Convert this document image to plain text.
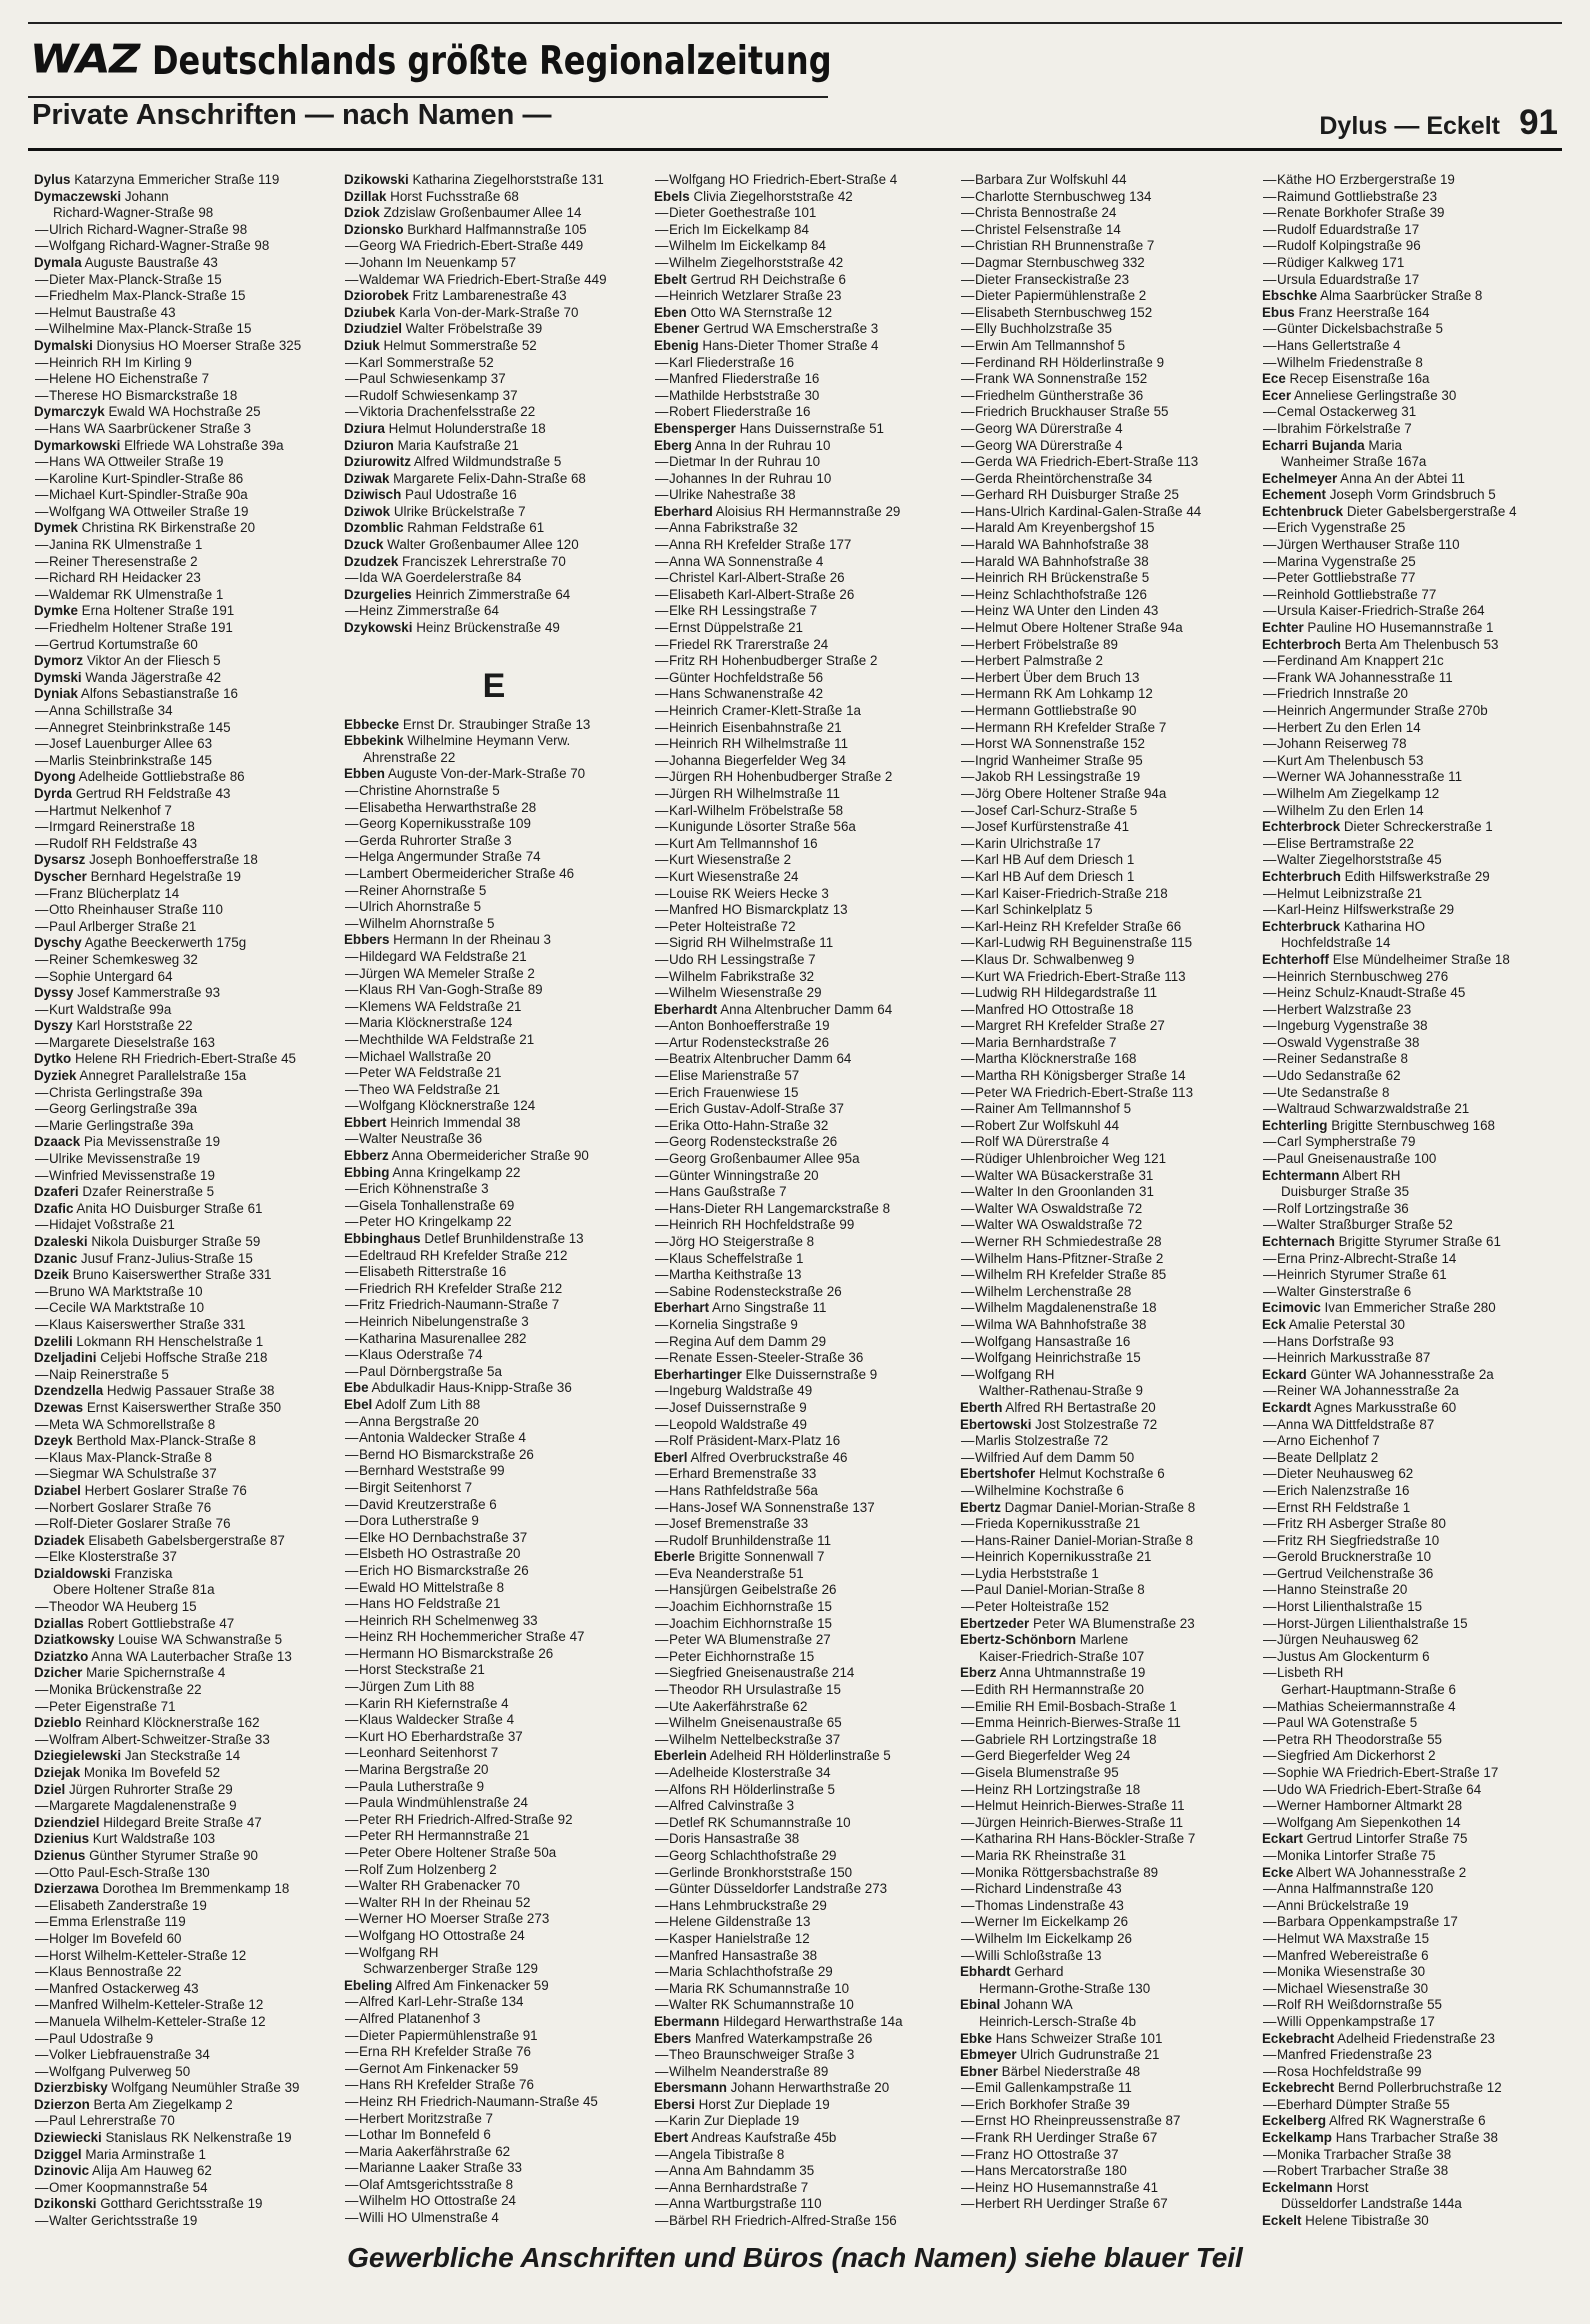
WAZ Deutschlands größte Regionalzeitung
Private Anschriften — nach Namen —	Dylus — Eckelt 91
Dylus Katarzyna Emmericher Straße 119
Dymaczewski Johann
Richard-Wagner-Straße 98
—Ulrich Richard-Wagner-Straße 98
—Wolfgang Richard-Wagner-Straße 98
Dymala Auguste Baustraße 43
—Dieter Max-Planck-Straße 15
—Friedhelm Max-Planck-Straße 15
—Helmut Baustraße 43
—Wilhelmine Max-Planck-Straße 15
Dymalski Dionysius HO Moerser Straße 325
—Heinrich RH Im Kirling 9
—Helene HO Eichenstraße 7
—Therese HO Bismarckstraße 18
Dymarczyk Ewald WA Hochstraße 25
—Hans WA Saarbrückener Straße 3
Dymarkowski Elfriede WA Lohstraße 39a
—Hans WA Ottweiler Straße 19
—Karoline Kurt-Spindler-Straße 86
—Michael Kurt-Spindler-Straße 90a
—Wolfgang WA Ottweiler Straße 19
Dymek Christina RK Birkenstraße 20
—Janina RK Ulmenstraße 1
—Reiner Theresenstraße 2
—Richard RH Heidacker 23
—Waldemar RK Ulmenstraße 1
Dymke Erna Holtener Straße 191
—Friedhelm Holtener Straße 191
—Gertrud Kortumstraße 60
Dymorz Viktor An der Fliesch 5
Dymski Wanda Jägerstraße 42
Dyniak Alfons Sebastianstraße 16
—Anna Schillstraße 34
—Annegret Steinbrinkstraße 145
—Josef Lauenburger Allee 63
—Marlis Steinbrinkstraße 145
Dyong Adelheide Gottliebstraße 86
Dyrda Gertrud RH Feldstraße 43
—Hartmut Nelkenhof 7
—Irmgard Reinerstraße 18
—Rudolf RH Feldstraße 43
Dysarsz Joseph Bonhoefferstraße 18
Dyscher Bernhard Hegelstraße 19
—Franz Blücherplatz 14
—Otto Rheinhauser Straße 110
—Paul Arlberger Straße 21
Dyschy Agathe Beeckerwerth 175g
—Reiner Schemkesweg 32
—Sophie Untergard 64
Dyssy Josef Kammerstraße 93
—Kurt Waldstraße 99a
Dyszy Karl Horststraße 22
—Margarete Dieselstraße 163
Dytko Helene RH Friedrich-Ebert-Straße 45
Dyziek Annegret Parallelstraße 15a
—Christa Gerlingstraße 39a
—Georg Gerlingstraße 39a
—Marie Gerlingstraße 39a
Dzaack Pia Mevissenstraße 19
—Ulrike Mevissenstraße 19
—Winfried Mevissenstraße 19
Dzaferi Dzafer Reinerstraße 5
Dzafic Anita HO Duisburger Straße 61
—Hidajet Voßstraße 21
Dzaleski Nikola Duisburger Straße 59
Dzanic Jusuf Franz-Julius-Straße 15
Dzeik Bruno Kaiserswerther Straße 331
—Bruno WA Marktstraße 10
—Cecile WA Marktstraße 10
—Klaus Kaiserswerther Straße 331
Dzelili Lokmann RH Henschelstraße 1
Dzeljadini Celjebi Hoffsche Straße 218
—Naip Reinerstraße 5
Dzendzella Hedwig Passauer Straße 38
Dzewas Ernst Kaiserswerther Straße 350
—Meta WA Schmorellstraße 8
Dzeyk Berthold Max-Planck-Straße 8
—Klaus Max-Planck-Straße 8
—Siegmar WA Schulstraße 37
Dziabel Herbert Goslarer Straße 76
—Norbert Goslarer Straße 76
—Rolf-Dieter Goslarer Straße 76
Dziadek Elisabeth Gabelsbergerstraße 87
—Elke Klosterstraße 37
Dzialdowski Franziska
Obere Holtener Straße 81a
—Theodor WA Heuberg 15
Dziallas Robert Gottliebstraße 47
Dziatkowsky Louise WA Schwanstraße 5
Dziatzko Anna WA Lauterbacher Straße 13
Dzicher Marie Spichernstraße 4
—Monika Brückenstraße 22
—Peter Eigenstraße 71
Dzieblo Reinhard Klöcknerstraße 162
—Wolfram Albert-Schweitzer-Straße 33
Dziegielewski Jan Steckstraße 14
Dziejak Monika Im Bovefeld 52
Dziel Jürgen Ruhrorter Straße 29
—Margarete Magdalenenstraße 9
Dziendziel Hildegard Breite Straße 47
Dzienius Kurt Waldstraße 103
Dzienus Günther Styrumer Straße 90
—Otto Paul-Esch-Straße 130
Dzierzawa Dorothea Im Bremmenkamp 18
—Elisabeth Zanderstraße 19
—Emma Erlenstraße 119
—Holger Im Bovefeld 60
—Horst Wilhelm-Ketteler-Straße 12
—Klaus Bennostraße 22
—Manfred Ostackerweg 43
—Manfred Wilhelm-Ketteler-Straße 12
—Manuela Wilhelm-Ketteler-Straße 12
—Paul Udostraße 9
—Volker Liebfrauenstraße 34
—Wolfgang Pulverweg 50
Dzierzbisky Wolfgang Neumühler Straße 39
Dzierzon Berta Am Ziegelkamp 2
—Paul Lehrerstraße 70
Dziewiecki Stanislaus RK Nelkenstraße 19
Dziggel Maria Arminstraße 1
Dzinovic Alija Am Hauweg 62
—Omer Koopmannstraße 54
Dzikonski Gotthard Gerichtsstraße 19
—Walter Gerichtsstraße 19
Dzikowski Katharina Ziegelhorststraße 131
Dzillak Horst Fuchsstraße 68
Dziok Zdzislaw Großenbaumer Allee 14
Dzionsko Burkhard Halfmannstraße 105
—Georg WA Friedrich-Ebert-Straße 449
—Johann Im Neuenkamp 57
—Waldemar WA Friedrich-Ebert-Straße 449
Dziorobek Fritz Lambarenestraße 43
Dziubek Karla Von-der-Mark-Straße 70
Dziudziel Walter Fröbelstraße 39
Dziuk Helmut Sommerstraße 52
—Karl Sommerstraße 52
—Paul Schwiesenkamp 37
—Rudolf Schwiesenkamp 37
—Viktoria Drachenfelsstraße 22
Dziura Helmut Holunderstraße 18
Dziuron Maria Kaufstraße 21
Dziurowitz Alfred Wildmundstraße 5
Dziwak Margarete Felix-Dahn-Straße 68
Dziwisch Paul Udostraße 16
Dziwok Ulrike Brückelstraße 7
Dzomblic Rahman Feldstraße 61
Dzuck Walter Großenbaumer Allee 120
Dzudzek Franciszek Lehrerstraße 70
—Ida WA Goerdelerstraße 84
Dzurgelies Heinrich Zimmerstraße 64
—Heinz Zimmerstraße 64
Dzykowski Heinz Brückenstraße 49
E
Ebbecke Ernst Dr. Straubinger Straße 13
Ebbekink Wilhelmine Heymann Verw.
Ahrenstraße 22
Ebben Auguste Von-der-Mark-Straße 70
—Christine Ahornstraße 5
—Elisabetha Herwarthstraße 28
—Georg Kopernikusstraße 109
—Gerda Ruhrorter Straße 3
—Helga Angermunder Straße 74
—Lambert Obermeidericher Straße 46
—Reiner Ahornstraße 5
—Ulrich Ahornstraße 5
—Wilhelm Ahornstraße 5
Ebbers Hermann In der Rheinau 3
—Hildegard WA Feldstraße 21
—Jürgen WA Memeler Straße 2
—Klaus RH Van-Gogh-Straße 89
—Klemens WA Feldstraße 21
—Maria Klöcknerstraße 124
—Mechthilde WA Feldstraße 21
—Michael Wallstraße 20
—Peter WA Feldstraße 21
—Theo WA Feldstraße 21
—Wolfgang Klöcknerstraße 124
Ebbert Heinrich Immendal 38
—Walter Neustraße 36
Ebberz Anna Obermeidericher Straße 90
Ebbing Anna Kringelkamp 22
—Erich Köhnenstraße 3
—Gisela Tonhallenstraße 69
—Peter HO Kringelkamp 22
Ebbinghaus Detlef Brunhildenstraße 13
—Edeltraud RH Krefelder Straße 212
—Elisabeth Ritterstraße 16
—Friedrich RH Krefelder Straße 212
—Fritz Friedrich-Naumann-Straße 7
—Heinrich Nibelungenstraße 3
—Katharina Masurenallee 282
—Klaus Oderstraße 74
—Paul Dörnbergstraße 5a
Ebe Abdulkadir Haus-Knipp-Straße 36
Ebel Adolf Zum Lith 88
—Anna Bergstraße 20
—Antonia Waldecker Straße 4
—Bernd HO Bismarckstraße 26
—Bernhard Weststraße 99
—Birgit Seitenhorst 7
—David Kreutzerstraße 6
—Dora Lutherstraße 9
—Elke HO Dernbachstraße 37
—Elsbeth HO Ostrastraße 20
—Erich HO Bismarckstraße 26
—Ewald HO Mittelstraße 8
—Hans HO Feldstraße 21
—Heinrich RH Schelmenweg 33
—Heinz RH Hochemmericher Straße 47
—Hermann HO Bismarckstraße 26
—Horst Steckstraße 21
—Jürgen Zum Lith 88
—Karin RH Kiefernstraße 4
—Klaus Waldecker Straße 4
—Kurt HO Eberhardstraße 37
—Leonhard Seitenhorst 7
—Marina Bergstraße 20
—Paula Lutherstraße 9
—Paula Windmühlenstraße 24
—Peter RH Friedrich-Alfred-Straße 92
—Peter RH Hermannstraße 21
—Peter Obere Holtener Straße 50a
—Rolf Zum Holzenberg 2
—Walter RH Grabenacker 70
—Walter RH In der Rheinau 52
—Werner HO Moerser Straße 273
—Wolfgang HO Ottostraße 24
—Wolfgang RH
Schwarzenberger Straße 129
Ebeling Alfred Am Finkenacker 59
—Alfred Karl-Lehr-Straße 134
—Alfred Platanenhof 3
—Dieter Papiermühlenstraße 91
—Erna RH Krefelder Straße 76
—Gernot Am Finkenacker 59
—Hans RH Krefelder Straße 76
—Heinz RH Friedrich-Naumann-Straße 45
—Herbert Moritzstraße 7
—Lothar Im Bonnefeld 6
—Maria Aakerfährstraße 62
—Marianne Laaker Straße 33
—Olaf Amtsgerichtsstraße 8
—Wilhelm HO Ottostraße 24
—Willi HO Ulmenstraße 4
—Wolfgang HO Friedrich-Ebert-Straße 4
Ebels Clivia Ziegelhorststraße 42
—Dieter Goethestraße 101
—Erich Im Eickelkamp 84
—Wilhelm Im Eickelkamp 84
—Wilhelm Ziegelhorststraße 42
Ebelt Gertrud RH Deichstraße 6
—Heinrich Wetzlarer Straße 23
Eben Otto WA Sternstraße 12
Ebener Gertrud WA Emscherstraße 3
Ebenig Hans-Dieter Thomer Straße 4
—Karl Fliederstraße 16
—Manfred Fliederstraße 16
—Mathilde Herbststraße 30
—Robert Fliederstraße 16
Ebensperger Hans Duissernstraße 51
Eberg Anna In der Ruhrau 10
—Dietmar In der Ruhrau 10
—Johannes In der Ruhrau 10
—Ulrike Nahestraße 38
Eberhard Aloisius RH Hermannstraße 29
—Anna Fabrikstraße 32
—Anna RH Krefelder Straße 177
—Anna WA Sonnenstraße 4
—Christel Karl-Albert-Straße 26
—Elisabeth Karl-Albert-Straße 26
—Elke RH Lessingstraße 7
—Ernst Düppelstraße 21
—Friedel RK Trarerstraße 24
—Fritz RH Hohenbudberger Straße 2
—Günter Hochfeldstraße 56
—Hans Schwanenstraße 42
—Heinrich Cramer-Klett-Straße 1a
—Heinrich Eisenbahnstraße 21
—Heinrich RH Wilhelmstraße 11
—Johanna Biegerfelder Weg 34
—Jürgen RH Hohenbudberger Straße 2
—Jürgen RH Wilhelmstraße 11
—Karl-Wilhelm Fröbelstraße 58
—Kunigunde Lösorter Straße 56a
—Kurt Am Tellmannshof 16
—Kurt Wiesenstraße 2
—Kurt Wiesenstraße 24
—Louise RK Weiers Hecke 3
—Manfred HO Bismarckplatz 13
—Peter Holteistraße 72
—Sigrid RH Wilhelmstraße 11
—Udo RH Lessingstraße 7
—Wilhelm Fabrikstraße 32
—Wilhelm Wiesenstraße 29
Eberhardt Anna Altenbrucher Damm 64
—Anton Bonhoefferstraße 19
—Artur Rodensteckstraße 26
—Beatrix Altenbrucher Damm 64
—Elise Marienstraße 57
—Erich Frauenwiese 15
—Erich Gustav-Adolf-Straße 37
—Erika Otto-Hahn-Straße 32
—Georg Rodensteckstraße 26
—Georg Großenbaumer Allee 95a
—Günter Winningstraße 20
—Hans Gaußstraße 7
—Hans-Dieter RH Langemarckstraße 8
—Heinrich RH Hochfeldstraße 99
—Jörg HO Steigerstraße 8
—Klaus Scheffelstraße 1
—Martha Keithstraße 13
—Sabine Rodensteckstraße 26
Eberhart Arno Singstraße 11
—Kornelia Singstraße 9
—Regina Auf dem Damm 29
—Renate Essen-Steeler-Straße 36
Eberhartinger Elke Duissernstraße 9
—Ingeburg Waldstraße 49
—Josef Duissernstraße 9
—Leopold Waldstraße 49
—Rolf Präsident-Marx-Platz 16
Eberl Alfred Overbruckstraße 46
—Erhard Bremenstraße 33
—Hans Rathfeldstraße 56a
—Hans-Josef WA Sonnenstraße 137
—Josef Bremenstraße 33
—Rudolf Brunhildenstraße 11
Eberle Brigitte Sonnenwall 7
—Eva Neanderstraße 51
—Hansjürgen Geibelstraße 26
—Joachim Eichhornstraße 15
—Joachim Eichhornstraße 15
—Peter WA Blumenstraße 27
—Peter Eichhornstraße 15
—Siegfried Gneisenaustraße 214
—Theodor RH Ursulastraße 15
—Ute Aakerfährstraße 62
—Wilhelm Gneisenaustraße 65
—Wilhelm Nettelbeckstraße 37
Eberlein Adelheid RH Hölderlinstraße 5
—Adelheide Klosterstraße 34
—Alfons RH Hölderlinstraße 5
—Alfred Calvinstraße 3
—Detlef RK Schumannstraße 10
—Doris Hansastraße 38
—Georg Schlachthofstraße 29
—Gerlinde Bronkhorststraße 150
—Günter Düsseldorfer Landstraße 273
—Hans Lehmbruckstraße 29
—Helene Gildenstraße 13
—Kasper Hanielstraße 12
—Manfred Hansastraße 38
—Maria Schlachthofstraße 29
—Maria RK Schumannstraße 10
—Walter RK Schumannstraße 10
Ebermann Hildegard Herwarthstraße 14a
Ebers Manfred Waterkampstraße 26
—Theo Braunschweiger Straße 3
—Wilhelm Neanderstraße 89
Ebersmann Johann Herwarthstraße 20
Ebersi Horst Zur Dieplade 19
—Karin Zur Dieplade 19
Ebert Andreas Kaufstraße 45b
—Angela Tibistraße 8
—Anna Am Bahndamm 35
—Anna Bernhardstraße 7
—Anna Wartburgstraße 110
—Bärbel RH Friedrich-Alfred-Straße 156
—Barbara Zur Wolfskuhl 44
—Charlotte Sternbuschweg 134
—Christa Bennostraße 24
—Christel Felsenstraße 14
—Christian RH Brunnenstraße 7
—Dagmar Sternbuschweg 332
—Dieter Franseckistraße 23
—Dieter Papiermühlenstraße 2
—Elisabeth Sternbuschweg 152
—Elly Buchholzstraße 35
—Erwin Am Tellmannshof 5
—Ferdinand RH Hölderlinstraße 9
—Frank WA Sonnenstraße 152
—Friedhelm Güntherstraße 36
—Friedrich Bruckhauser Straße 55
—Georg WA Dürerstraße 4
—Georg WA Dürerstraße 4
—Gerda WA Friedrich-Ebert-Straße 113
—Gerda Rheintörchenstraße 34
—Gerhard RH Duisburger Straße 25
—Hans-Ulrich Kardinal-Galen-Straße 44
—Harald Am Kreyenbergshof 15
—Harald WA Bahnhofstraße 38
—Harald WA Bahnhofstraße 38
—Heinrich RH Brückenstraße 5
—Heinz Schlachthofstraße 126
—Heinz WA Unter den Linden 43
—Helmut Obere Holtener Straße 94a
—Herbert Fröbelstraße 89
—Herbert Palmstraße 2
—Herbert Über dem Bruch 13
—Hermann RK Am Lohkamp 12
—Hermann Gottliebstraße 90
—Hermann RH Krefelder Straße 7
—Horst WA Sonnenstraße 152
—Ingrid Wanheimer Straße 95
—Jakob RH Lessingstraße 19
—Jörg Obere Holtener Straße 94a
—Josef Carl-Schurz-Straße 5
—Josef Kurfürstenstraße 41
—Karin Ulrichstraße 17
—Karl HB Auf dem Driesch 1
—Karl HB Auf dem Driesch 1
—Karl Kaiser-Friedrich-Straße 218
—Karl Schinkelplatz 5
—Karl-Heinz RH Krefelder Straße 66
—Karl-Ludwig RH Beguinenstraße 115
—Klaus Dr. Schwalbenweg 9
—Kurt WA Friedrich-Ebert-Straße 113
—Ludwig RH Hildegardstraße 11
—Manfred HO Ottostraße 18
—Margret RH Krefelder Straße 27
—Maria Bernhardstraße 7
—Martha Klöcknerstraße 168
—Martha RH Königsberger Straße 14
—Peter WA Friedrich-Ebert-Straße 113
—Rainer Am Tellmannshof 5
—Robert Zur Wolfskuhl 44
—Rolf WA Dürerstraße 4
—Rüdiger Uhlenbroicher Weg 121
—Walter WA Büsackerstraße 31
—Walter In den Groonlanden 31
—Walter WA Oswaldstraße 72
—Walter WA Oswaldstraße 72
—Werner RH Schmiedestraße 28
—Wilhelm Hans-Pfitzner-Straße 2
—Wilhelm RH Krefelder Straße 85
—Wilhelm Lerchenstraße 28
—Wilhelm Magdalenenstraße 18
—Wilma WA Bahnhofstraße 38
—Wolfgang Hansastraße 16
—Wolfgang Heinrichstraße 15
—Wolfgang RH
Walther-Rathenau-Straße 9
Eberth Alfred RH Bertastraße 20
Ebertowski Jost Stolzestraße 72
—Marlis Stolzestraße 72
—Wilfried Auf dem Damm 50
Ebertshofer Helmut Kochstraße 6
—Wilhelmine Kochstraße 6
Ebertz Dagmar Daniel-Morian-Straße 8
—Frieda Kopernikusstraße 21
—Hans-Rainer Daniel-Morian-Straße 8
—Heinrich Kopernikusstraße 21
—Lydia Herbststraße 1
—Paul Daniel-Morian-Straße 8
—Peter Holteistraße 152
Ebertzeder Peter WA Blumenstraße 23
Ebertz-Schönborn Marlene
Kaiser-Friedrich-Straße 107
Eberz Anna Uhtmannstraße 19
—Edith RH Hermannstraße 20
—Emilie RH Emil-Bosbach-Straße 1
—Emma Heinrich-Bierwes-Straße 11
—Gabriele RH Lortzingstraße 18
—Gerd Biegerfelder Weg 24
—Gisela Blumenstraße 95
—Heinz RH Lortzingstraße 18
—Helmut Heinrich-Bierwes-Straße 11
—Jürgen Heinrich-Bierwes-Straße 11
—Katharina RH Hans-Böckler-Straße 7
—Maria RK Rheinstraße 31
—Monika Röttgersbachstraße 89
—Richard Lindenstraße 43
—Thomas Lindenstraße 43
—Werner Im Eickelkamp 26
—Wilhelm Im Eickelkamp 26
—Willi Schloßstraße 13
Ebhardt Gerhard
Hermann-Grothe-Straße 130
Ebinal Johann WA
Heinrich-Lersch-Straße 4b
Ebke Hans Schweizer Straße 101
Ebmeyer Ulrich Gudrunstraße 21
Ebner Bärbel Niederstraße 48
—Emil Gallenkampstraße 11
—Erich Borkhofer Straße 39
—Ernst HO Rheinpreussenstraße 87
—Frank RH Uerdinger Straße 67
—Franz HO Ottostraße 37
—Hans Mercatorstraße 180
—Heinz HO Husemannstraße 41
—Herbert RH Uerdinger Straße 67
—Käthe HO Erzbergerstraße 19
—Raimund Gottliebstraße 23
—Renate Borkhofer Straße 39
—Rudolf Eduardstraße 17
—Rudolf Kolpingstraße 96
—Rüdiger Kalkweg 171
—Ursula Eduardstraße 17
Ebschke Alma Saarbrücker Straße 8
Ebus Franz Heerstraße 164
—Günter Dickelsbachstraße 5
—Hans Gellertstraße 4
—Wilhelm Friedenstraße 8
Ece Recep Eisenstraße 16a
Ecer Anneliese Gerlingstraße 30
—Cemal Ostackerweg 31
—Ibrahim Förkelstraße 7
Echarri Bujanda Maria
Wanheimer Straße 167a
Echelmeyer Anna An der Abtei 11
Echement Joseph Vorm Grindsbruch 5
Echtenbruck Dieter Gabelsbergerstraße 4
—Erich Vygenstraße 25
—Jürgen Werthauser Straße 110
—Marina Vygenstraße 25
—Peter Gottliebstraße 77
—Reinhold Gottliebstraße 77
—Ursula Kaiser-Friedrich-Straße 264
Echter Pauline HO Husemannstraße 1
Echterbroch Berta Am Thelenbusch 53
—Ferdinand Am Knappert 21c
—Frank WA Johannesstraße 11
—Friedrich Innstraße 20
—Heinrich Angermunder Straße 270b
—Herbert Zu den Erlen 14
—Johann Reiserweg 78
—Kurt Am Thelenbusch 53
—Werner WA Johannesstraße 11
—Wilhelm Am Ziegelkamp 12
—Wilhelm Zu den Erlen 14
Echterbrock Dieter Schreckerstraße 1
—Elise Bertramstraße 22
—Walter Ziegelhorststraße 45
Echterbruch Edith Hilfswerkstraße 29
—Helmut Leibnizstraße 21
—Karl-Heinz Hilfswerkstraße 29
Echterbruck Katharina HO
Hochfeldstraße 14
Echterhoff Else Mündelheimer Straße 18
—Heinrich Sternbuschweg 276
—Heinz Schulz-Knaudt-Straße 45
—Herbert Walzstraße 23
—Ingeburg Vygenstraße 38
—Oswald Vygenstraße 38
—Reiner Sedanstraße 8
—Udo Sedanstraße 62
—Ute Sedanstraße 8
—Waltraud Schwarzwaldstraße 21
Echterling Brigitte Sternbuschweg 168
—Carl Sympherstraße 79
—Paul Gneisenaustraße 100
Echtermann Albert RH
Duisburger Straße 35
—Rolf Lortzingstraße 36
—Walter Straßburger Straße 52
Echternach Brigitte Styrumer Straße 61
—Erna Prinz-Albrecht-Straße 14
—Heinrich Styrumer Straße 61
—Walter Ginsterstraße 6
Ecimovic Ivan Emmericher Straße 280
Eck Amalie Peterstal 30
—Hans Dorfstraße 93
—Heinrich Markusstraße 87
Eckard Günter WA Johannesstraße 2a
—Reiner WA Johannesstraße 2a
Eckardt Agnes Markusstraße 60
—Anna WA Dittfeldstraße 87
—Arno Eichenhof 7
—Beate Dellplatz 2
—Dieter Neuhausweg 62
—Erich Nalenzstraße 16
—Ernst RH Feldstraße 1
—Fritz RH Asberger Straße 80
—Fritz RH Siegfriedstraße 10
—Gerold Brucknerstraße 10
—Gertrud Veilchenstraße 36
—Hanno Steinstraße 20
—Horst Lilienthalstraße 15
—Horst-Jürgen Lilienthalstraße 15
—Jürgen Neuhausweg 62
—Justus Am Glockenturm 6
—Lisbeth RH
Gerhart-Hauptmann-Straße 6
—Mathias Scheiermannstraße 4
—Paul WA Gotenstraße 5
—Petra RH Theodorstraße 55
—Siegfried Am Dickerhorst 2
—Sophie WA Friedrich-Ebert-Straße 17
—Udo WA Friedrich-Ebert-Straße 64
—Werner Hamborner Altmarkt 28
—Wolfgang Am Siepenkothen 14
Eckart Gertrud Lintorfer Straße 75
—Monika Lintorfer Straße 75
Ecke Albert WA Johannesstraße 2
—Anna Halfmannstraße 120
—Anni Brückelstraße 19
—Barbara Oppenkampstraße 17
—Helmut WA Maxstraße 15
—Manfred Webereistraße 6
—Monika Wiesenstraße 30
—Michael Wiesenstraße 30
—Rolf RH Weißdornstraße 55
—Willi Oppenkampstraße 17
Eckebracht Adelheid Friedenstraße 23
—Manfred Friedenstraße 23
—Rosa Hochfeldstraße 99
Eckebrecht Bernd Pollerbruchstraße 12
—Eberhard Dümpter Straße 55
Eckelberg Alfred RK Wagnerstraße 6
Eckelkamp Hans Trarbacher Straße 38
—Monika Trarbacher Straße 38
—Robert Trarbacher Straße 38
Eckelmann Horst
Düsseldorfer Landstraße 144a
Eckelt Helene Tibistraße 30
Gewerbliche Anschriften und Büros (nach Namen) siehe blauer Teil
